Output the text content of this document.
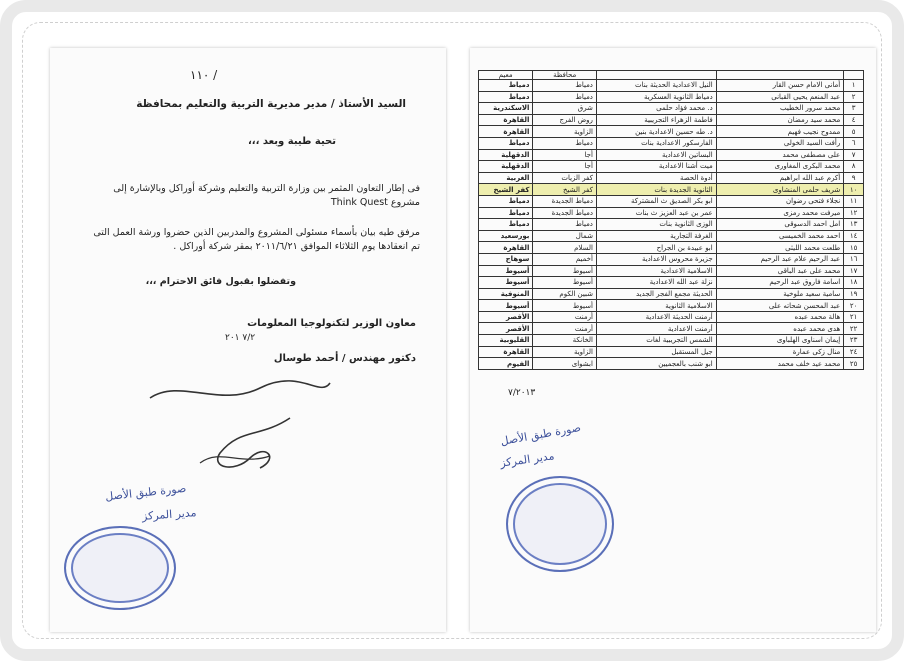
١١٠ /
السيد الأستاذ / مدير مديرية التربية والتعليم بمحافظة
تحية طيبة وبعد ،،،
فى إطار التعاون المثمر بين وزارة التربية والتعليم وشركة أوراكل وبالإشارة إلى مشروع Think Quest
مرفق طيه بيان بأسماء مسئولى المشروع والمدربين الذين حضروا ورشة العمل التى تم انعقادها يوم الثلاثاء الموافق ٢٠١١/٦/٢١ بمقر شركة أوراكل .
وتفضلوا بقبول فائق الاحترام ،،،
معاون الوزير لتكنولوجيا المعلومات
٧/٢ ٢٠١
دكتور مهندس / أحمد طوسال
صورة طبق الأصل
مدير المركز
			محافظة	معيم
١	أمانى الامام حسن القار	النيل الاعدادية الحديثة بنات	دمياط	دمياط
٢	عبد المنعم يحيى القبانى	دمياط الثانوية العسكرية	دمياط	دمياط
٣	محمد سرور الخطيب	د. محمد فؤاد حلمى	شرق	الاسكندرية
٤	محمد سيد رمضان	فاطمة الزهراء التجريبية	روض الفرج	القاهرة
٥	ممدوح نجيب فهيم	د. طه حسين الاعدادية بنين	الزاوية	القاهرة
٦	رأفت السيد الخولى	الفارسكور الاعدادية بنات	دمياط	دمياط
٧	على مصطفى محمد	البساتين الاعدادية	أجا	الدقهلية
٨	محمد البكرى المغاورى	ميت أشنا الاعدادية	أجا	الدقهلية
٩	أكرم عبد الله ابراهيم	أدوة الحصة	كفر الزيات	الغربية
١٠	شريف حلمى المنشاوى	الثانوية الجديدة بنات	كفر الشيخ	كفر الشيخ
١١	نجلاء فتحى رضوان	ابو بكر الصديق ث المشتركة	دمياط الجديدة	دمياط
١٢	ميرفت محمد رمزى	عمر بن عبد العزيز ث بنات	دمياط الجديدة	دمياط
١٣	امل احمد الدسوقى	الوزى الثانوية بنات	دمياط	دمياط
١٤	احمد محمد الخميسى	الغرفة التجارية	شمال	بورسعيد
١٥	طلعت محمد الليثى	ابو عبيدة بن الجراح	السلام	القاهرة
١٦	عبد الرحيم علام عبد الرحيم	جزيرة محروس الاعدادية	أخميم	سوهاج
١٧	محمد على عبد الباقى	الاسلامية الاعدادية	أسيوط	أسيوط
١٨	اسامة فاروق عبد الرحيم	نزلة عبد الله الاعدادية	أسيوط	أسيوط
١٩	سامية سعيد ملوخية	الحديثة مجمع الفجر الجديد	شبين الكوم	المنوفية
٢٠	عبد المحسن شحاته على	الاسلامية الثانوية	أسيوط	أسيوط
٢١	هالة محمد عبده	أرمنت الحديثة الاعدادية	أرمنت	الأقصر
٢٢	هدى محمد عبده	أرمنت الاعدادية	أرمنت	الأقصر
٢٣	إيمان اسناوى الهلباوى	الشمس التجريبية لغات	الخانكة	القليوبية
٢٤	منال زكى عمارة	جيل المستقبل	الزاوية	القاهرة
٢٥	محمد عيد خلف محمد	ابو شنب بالعجميين	ابشواى	الفيوم
٧/٢٠١٣
صورة طبق الأصل
مدير المركز
